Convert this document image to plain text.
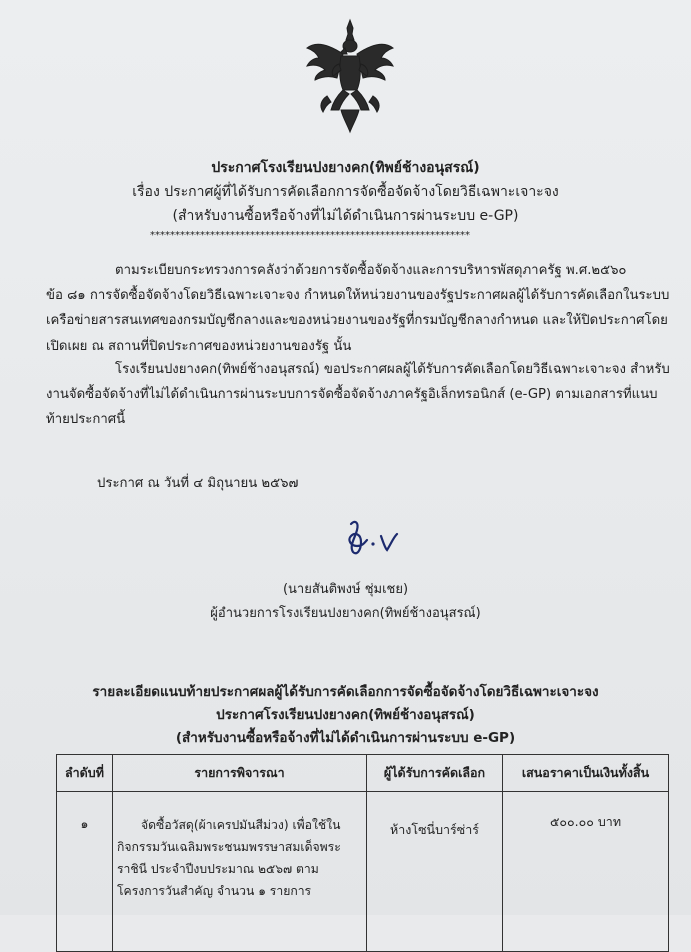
ประกาศโรงเรียนปงยางคก(ทิพย์ช้างอนุสรณ์)
เรื่อง ประกาศผู้ที่ได้รับการคัดเลือกการจัดซื้อจัดจ้างโดยวิธีเฉพาะเจาะจง
(สำหรับงานซื้อหรือจ้างที่ไม่ได้ดำเนินการผ่านระบบ e-GP)
****************************************************************
ตามระเบียบกระทรวงการคลังว่าด้วยการจัดซื้อจัดจ้างและการบริหารพัสดุภาครัฐ พ.ศ.๒๕๖๐
ข้อ ๘๑ การจัดซื้อจัดจ้างโดยวิธีเฉพาะเจาะจง กำหนดให้หน่วยงานของรัฐประกาศผลผู้ได้รับการคัดเลือกในระบบ
เครือข่ายสารสนเทศของกรมบัญชีกลางและของหน่วยงานของรัฐที่กรมบัญชีกลางกำหนด และให้ปิดประกาศโดย
เปิดเผย ณ สถานที่ปิดประกาศของหน่วยงานของรัฐ นั้น
โรงเรียนปงยางคก(ทิพย์ช้างอนุสรณ์) ขอประกาศผลผู้ได้รับการคัดเลือกโดยวิธีเฉพาะเจาะจง สำหรับ
งานจัดซื้อจัดจ้างที่ไม่ได้ดำเนินการผ่านระบบการจัดซื้อจัดจ้างภาครัฐอิเล็กทรอนิกส์ (e-GP) ตามเอกสารที่แนบ
ท้ายประกาศนี้
ประกาศ ณ วันที่ ๔ มิถุนายน ๒๕๖๗
(นายสันติพงษ์ ชุ่มเชย)
ผู้อำนวยการโรงเรียนปงยางคก(ทิพย์ช้างอนุสรณ์)
รายละเอียดแนบท้ายประกาศผลผู้ได้รับการคัดเลือกการจัดซื้อจัดจ้างโดยวิธีเฉพาะเจาะจง
ประกาศโรงเรียนปงยางคก(ทิพย์ช้างอนุสรณ์)
(สำหรับงานซื้อหรือจ้างที่ไม่ได้ดำเนินการผ่านระบบ e-GP)
ลำดับที่	รายการพิจารณา	ผู้ได้รับการคัดเลือก	เสนอราคาเป็นเงินทั้งสิ้น
๑	จัดซื้อวัสดุ(ผ้าเครปมันสีม่วง) เพื่อใช้ใน
กิจกรรมวันเฉลิมพระชนมพรรษาสมเด็จพระ
ราชินี ประจำปีงบประมาณ ๒๕๖๗ ตาม
โครงการวันสำคัญ จำนวน ๑ รายการ	ห้างโซนี่บาร์ซ่าร์	๕๐๐.๐๐ บาท
